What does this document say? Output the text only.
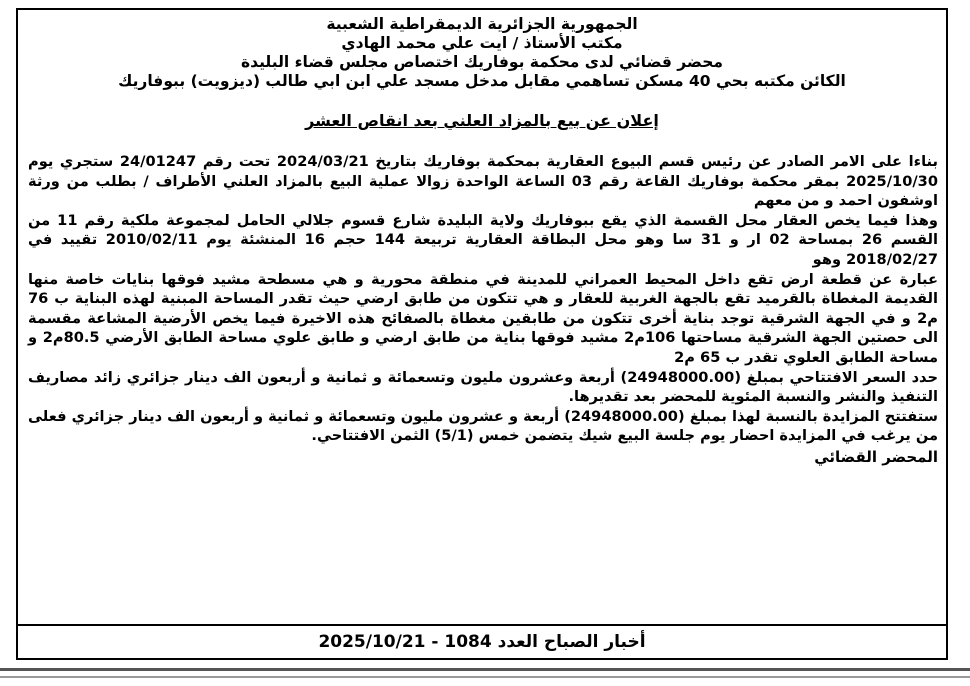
الجمهورية الجزائرية الديمقراطية الشعبية
مكتب الأستاذ / ايت علي محمد الهادي
محضر قضائي لدى محكمة بوفاريك اختصاص مجلس قضاء البليدة
الكائن مكتبه بحي 40 مسكن تساهمي مقابل مدخل مسجد علي ابن ابي طالب (ديزويت) ببوفاريك
إعلان عن بيع بالمزاد العلني بعد انقاص العشر

بناءا على الامر الصادر عن رئيس قسم البيوع العقارية بمحكمة بوفاريك بتاريخ 2024/03/21 تحت رقم 24/01247 ستجري يوم 2025/10/30 بمقر محكمة بوفاريك القاعة رقم 03 الساعة الواحدة زوالا عملية البيع بالمزاد العلني الأطراف / بطلب من ورثة اوشفون احمد و من معهم

وهذا فيما يخص العقار محل القسمة الذي يقع ببوفاريك ولاية البليدة شارع قسوم جلالي الحامل لمجموعة ملكية رقم 11 من القسم 26 بمساحة 02 ار و 31 سا وهو محل البطاقة العقارية تربيعة 144 حجم 16 المنشئة يوم 2010/02/11 تقييد في 2018/02/27 وهو

عبارة عن قطعة ارض تقع داخل المحيط العمراني للمدينة في منطقة محورية و هي مسطحة مشيد فوقها بنايات خاصة منها القديمة المغطاة بالقرميد تقع بالجهة الغربية للعقار و هي تتكون من طابق ارضي حيث تقدر المساحة المبنية لهذه البناية ب 76 م2 و في الجهة الشرقية توجد بناية أخرى تتكون من طابقين مغطاة بالصفائح هذه الاخيرة فيما يخص الأرضية المشاعة مقسمة الى حصتين الجهة الشرقية مساحتها 106م2 مشيد فوقها بناية من طابق ارضي و طابق علوي مساحة الطابق الأرضي 80.5م2 و مساحة الطابق العلوي تقدر ب 65 م2

حدد السعر الافتتاحي بمبلغ (24948000.00) أربعة وعشرون مليون وتسعمائة و ثمانية و أربعون الف دينار جزائري زائد مصاريف التنفيذ والنشر والنسبة المئوية للمحضر بعد تقديرها.

ستفتتح المزايدة بالنسبة لهذا بمبلغ (24948000.00) أربعة و عشرون مليون وتسعمائة و ثمانية و أربعون الف دينار جزائري فعلى من يرغب في المزايدة احضار يوم جلسة البيع شيك يتضمن خمس (5/1) الثمن الافتتاحي.

المحضر القضائي
أخبار الصباح العدد 1084 - 2025/10/21
